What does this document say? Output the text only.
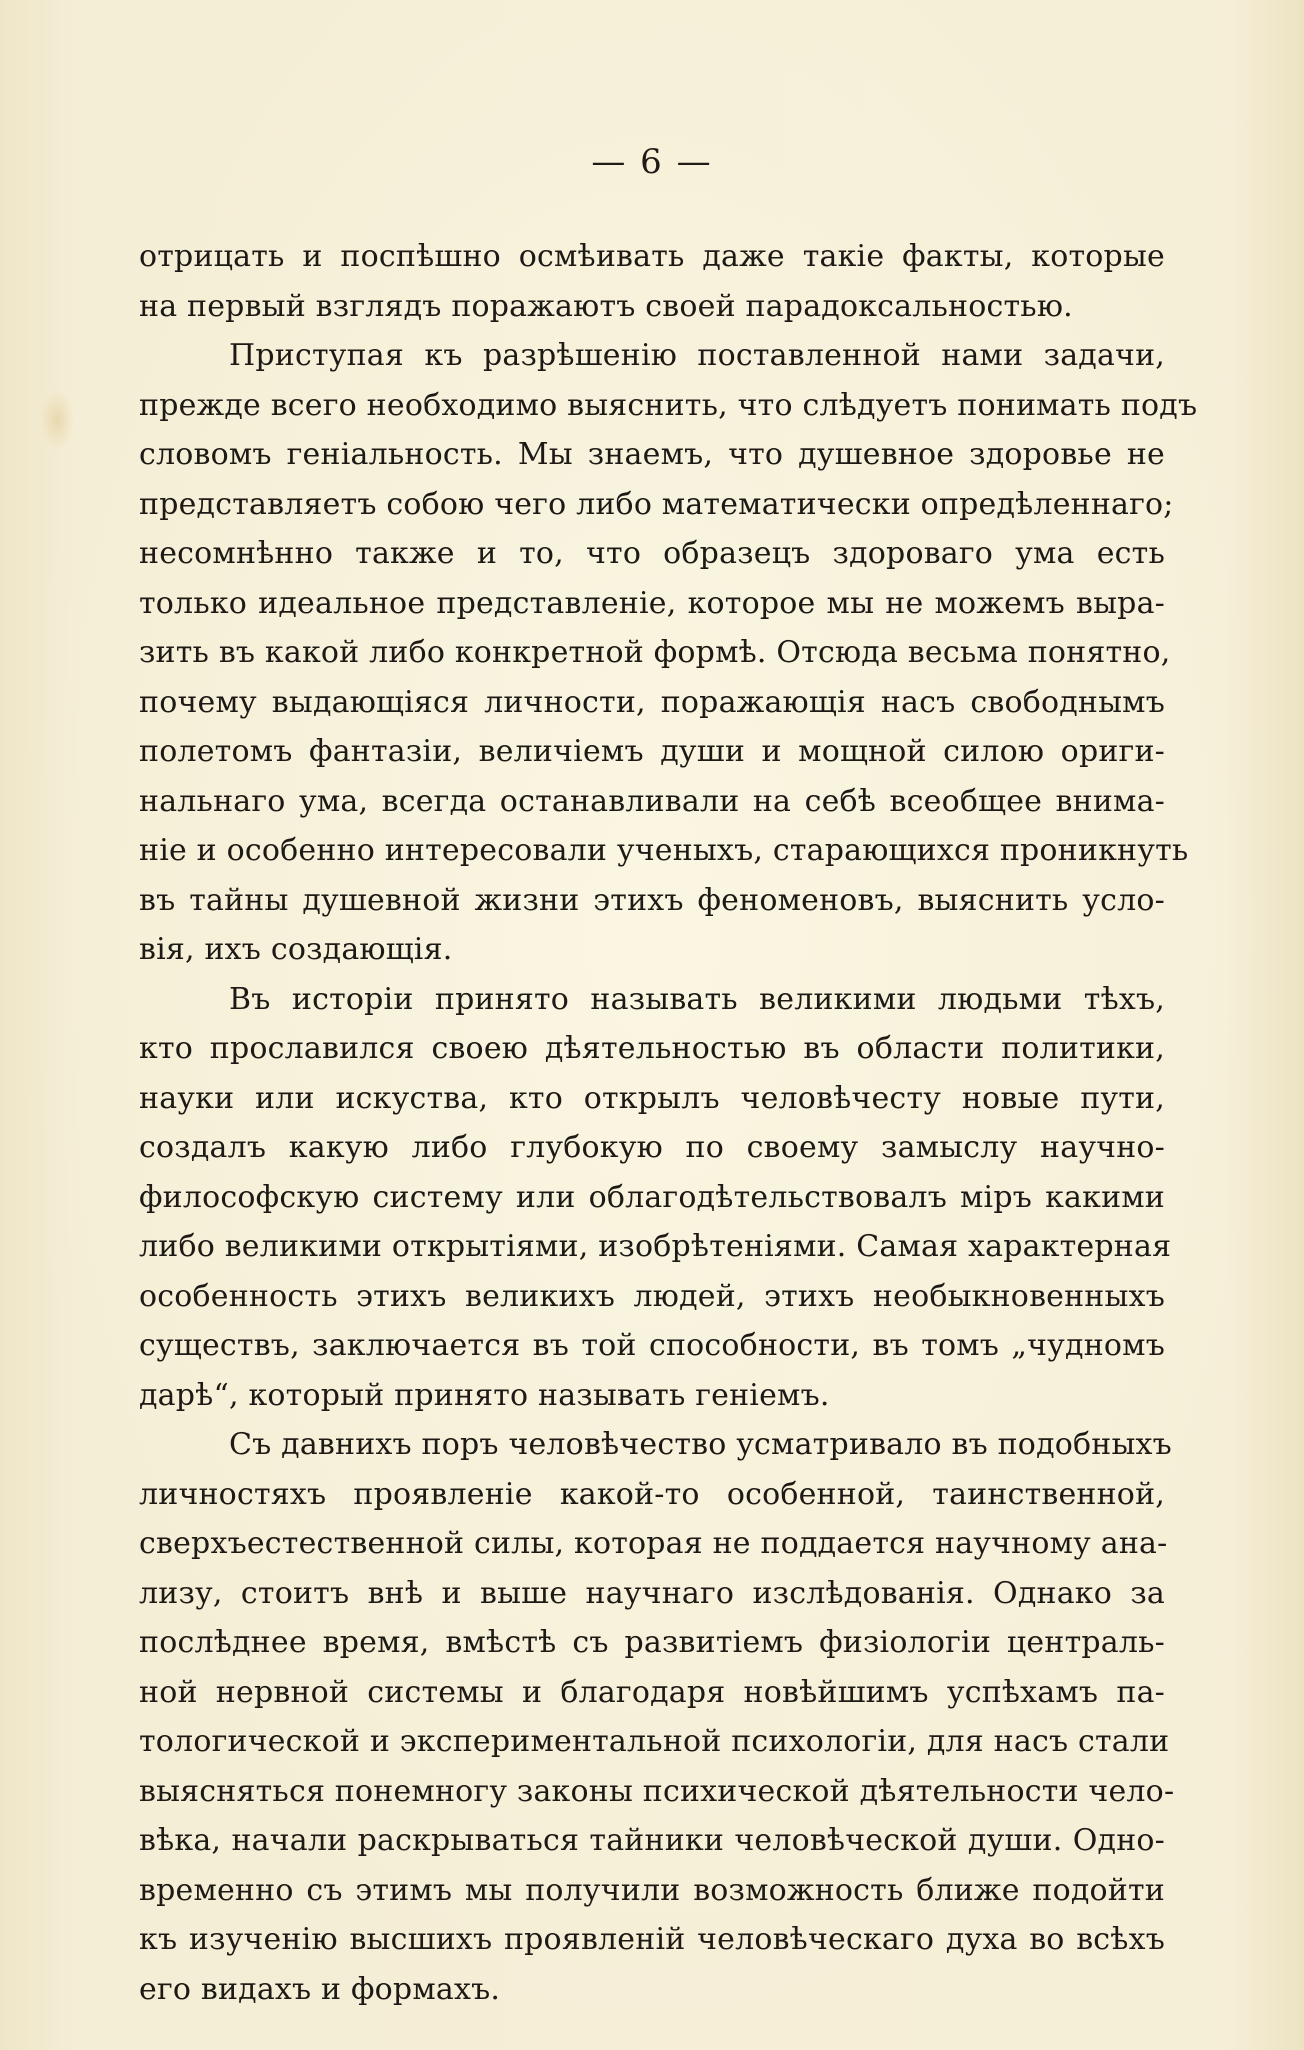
— 6 —
отрицать и поспѣшно осмѣивать даже такіе факты, которые
на первый взглядъ поражаютъ своей парадоксальностью.
Приступая къ разрѣшенію поставленной нами задачи,
прежде всего необходимо выяснить, что слѣдуетъ понимать подъ
словомъ геніальность. Мы знаемъ, что душевное здоровье не
представляетъ собою чего либо математически опредѣленнаго;
несомнѣнно также и то, что образецъ здороваго ума есть
только идеальное представленіе, которое мы не можемъ выра-
зить въ какой либо конкретной формѣ. Отсюда весьма понятно,
почему выдающіяся личности, поражающія насъ свободнымъ
полетомъ фантазіи, величіемъ души и мощной силою ориги-
нальнаго ума, всегда останавливали на себѣ всеобщее внима-
ніе и особенно интересовали ученыхъ, старающихся проникнуть
въ тайны душевной жизни этихъ феноменовъ, выяснить усло-
вія, ихъ создающія.
Въ исторіи принято называть великими людьми тѣхъ,
кто прославился своею дѣятельностью въ области политики,
науки или искуства, кто открылъ человѣчесту новые пути,
создалъ какую либо глубокую по своему замыслу научно-
философскую систему или облагодѣтельствовалъ міръ какими
либо великими открытіями, изобрѣтеніями. Самая характерная
особенность этихъ великихъ людей, этихъ необыкновенныхъ
существъ, заключается въ той способности, въ томъ „чудномъ
дарѣ“, который принято называть геніемъ.
Съ давнихъ поръ человѣчество усматривало въ подобныхъ
личностяхъ проявленіе какой-то особенной, таинственной,
сверхъестественной силы, которая не поддается научному ана-
лизу, стоитъ внѣ и выше научнаго изслѣдованія. Однако за
послѣднее время, вмѣстѣ съ развитіемъ физіологіи централь-
ной нервной системы и благодаря новѣйшимъ успѣхамъ па-
тологической и экспериментальной психологіи, для насъ стали
выясняться понемногу законы психической дѣятельности чело-
вѣка, начали раскрываться тайники человѣческой души. Одно-
временно съ этимъ мы получили возможность ближе подойти
къ изученію высшихъ проявленій человѣческаго духа во всѣхъ
его видахъ и формахъ.
